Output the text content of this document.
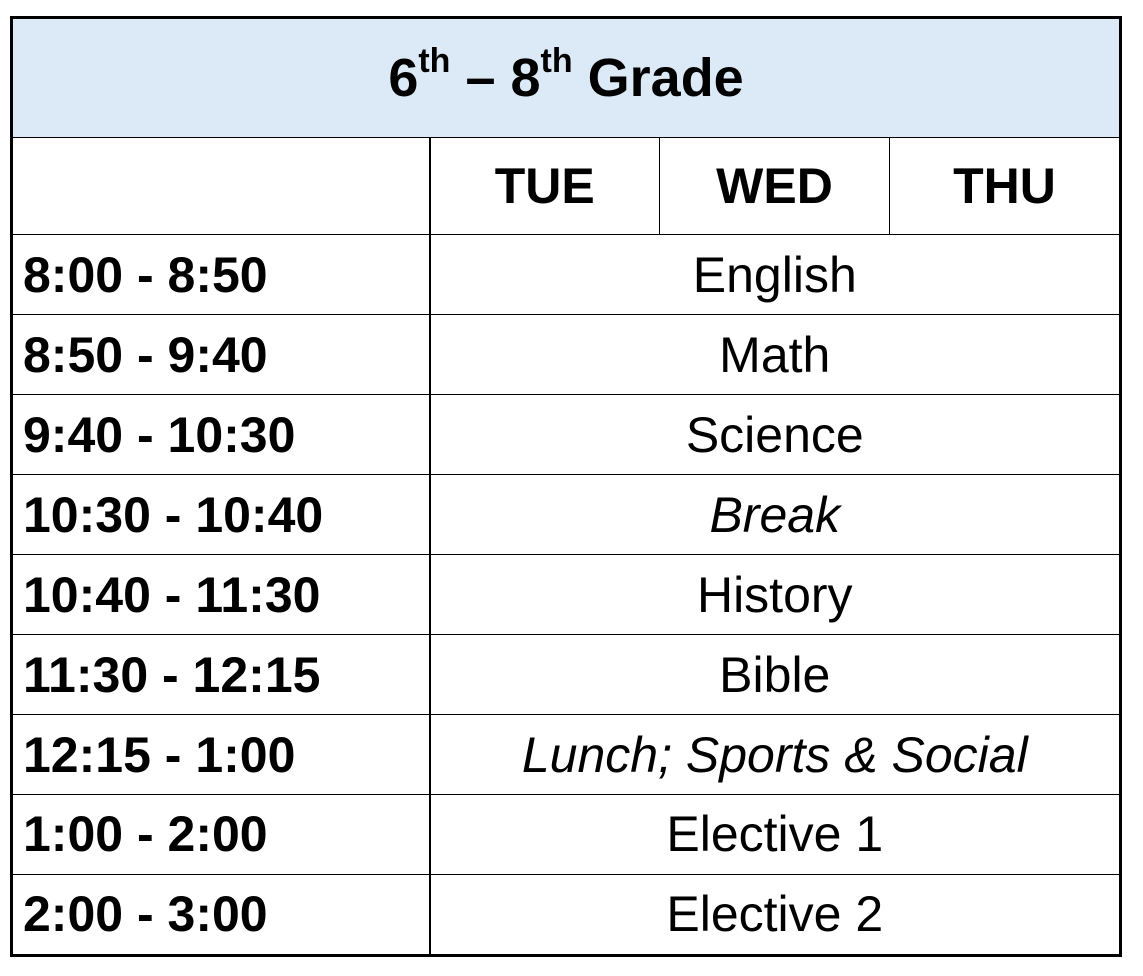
6th – 8th Grade			
	TUE	WED	THU
8:00 - 8:50	English		
8:50 - 9:40	Math		
9:40 - 10:30	Science		
10:30 - 10:40	Break		
10:40 - 11:30	History		
11:30 - 12:15	Bible		
12:15 - 1:00	Lunch; Sports & Social		
1:00 - 2:00	Elective 1		
2:00 - 3:00	Elective 2		
